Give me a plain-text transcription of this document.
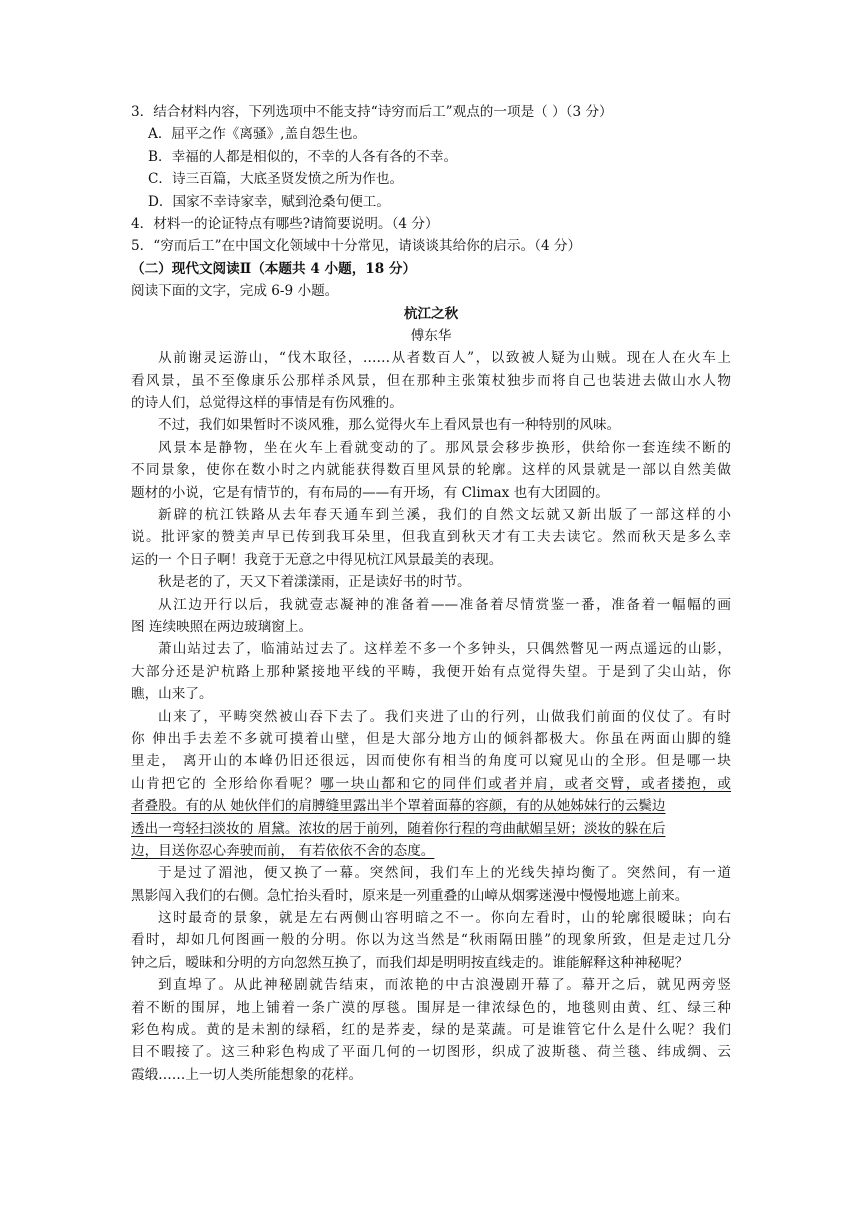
3．结合材料内容，下列选项中不能支持“诗穷而后工”观点的一项是（ ）（3 分）
A．屈平之作《离骚》,盖自怨生也。
B．幸福的人都是相似的，不幸的人各有各的不幸。
C．诗三百篇，大底圣贤发愤之所为作也。
D．国家不幸诗家幸，赋到沧桑句便工。
4．材料一的论证特点有哪些?请简要说明。（4 分）
5．“穷而后工”在中国文化领域中十分常见，请谈谈其给你的启示。（4 分）
（二）现代文阅读Ⅱ（本题共 4 小题，18 分）
阅读下面的文字，完成 6-9 小题。
杭江之秋
傅东华
从前谢灵运游山，“伐木取径，……从者数百人”，以致被人疑为山贼。现在人在火车上
看风景，虽不至像康乐公那样杀风景，但在那种主张策杖独步而将自己也装进去做山水人物
的诗人们，总觉得这样的事情是有伤风雅的。
不过，我们如果暂时不谈风雅，那么觉得火车上看风景也有一种特别的风味。
风景本是静物，坐在火车上看就变动的了。那风景会移步换形，供给你一套连续不断的
不同景象，使你在数小时之内就能获得数百里风景的轮廓。这样的风景就是一部以自然美做
题材的小说，它是有情节的，有布局的——有开场，有 Climax 也有大团圆的。
新辟的杭江铁路从去年春天通车到兰溪，我们的自然文坛就又新出版了一部这样的小
说。批评家的赞美声早已传到我耳朵里，但我直到秋天才有工夫去读它。然而秋天是多么幸
运的一 个日子啊！我竟于无意之中得见杭江风景最美的表现。
秋是老的了，天又下着漾漾雨，正是读好书的时节。
从江边开行以后，我就壹志凝神的准备着——准备着尽情赏鉴一番，准备着一幅幅的画
图 连续映照在两边玻璃窗上。
萧山站过去了，临浦站过去了。这样差不多一个多钟头，只偶然瞥见一两点遥远的山影，
大部分还是沪杭路上那种紧接地平线的平畴，我便开始有点觉得失望。于是到了尖山站，你
瞧，山来了。
山来了，平畴突然被山吞下去了。我们夹进了山的行列，山做我们前面的仪仗了。有时
你 伸出手去差不多就可摸着山壁，但是大部分地方山的倾斜都极大。你虽在两面山脚的缝
里走， 离开山的本峰仍旧还很远，因而使你有相当的角度可以窥见山的全形。但是哪一块
山肯把它的 全形给你看呢？哪一块山都和它的同伴们或者并肩，或者交臂，或者搂抱，或
者叠股。有的从 她伙伴们的肩膊缝里露出半个罩着面幕的容颜，有的从她姊妹行的云鬓边
透出一弯轻扫淡妆的 眉黛。浓妆的居于前列，随着你行程的弯曲献媚呈妍；淡妆的躲在后
边，目送你忍心奔驶而前， 有若依依不舍的态度。
于是过了湄池，便又换了一幕。突然间，我们车上的光线失掉均衡了。突然间，有一道
黑影闯入我们的右侧。急忙抬头看时，原来是一列重叠的山嶂从烟雾迷漫中慢慢地遮上前来。
这时最奇的景象，就是左右两侧山容明暗之不一。你向左看时，山的轮廓很暧昧；向右
看时，却如几何图画一般的分明。你以为这当然是“秋雨隔田塍”的现象所致，但是走过几分
钟之后，暧昧和分明的方向忽然互换了，而我们却是明明按直线走的。谁能解释这种神秘呢？
到直埠了。从此神秘剧就告结束，而浓艳的中古浪漫剧开幕了。幕开之后，就见两旁竖
着不断的围屏，地上铺着一条广漠的厚毯。围屏是一律浓绿色的，地毯则由黄、红、绿三种
彩色构成。黄的是未割的绿稻，红的是荞麦，绿的是菜蔬。可是谁管它什么是什么呢？我们
目不暇接了。这三种彩色构成了平面几何的一切图形，织成了波斯毯、荷兰毯、纬成绸、云
霞缎……上一切人类所能想象的花样。
